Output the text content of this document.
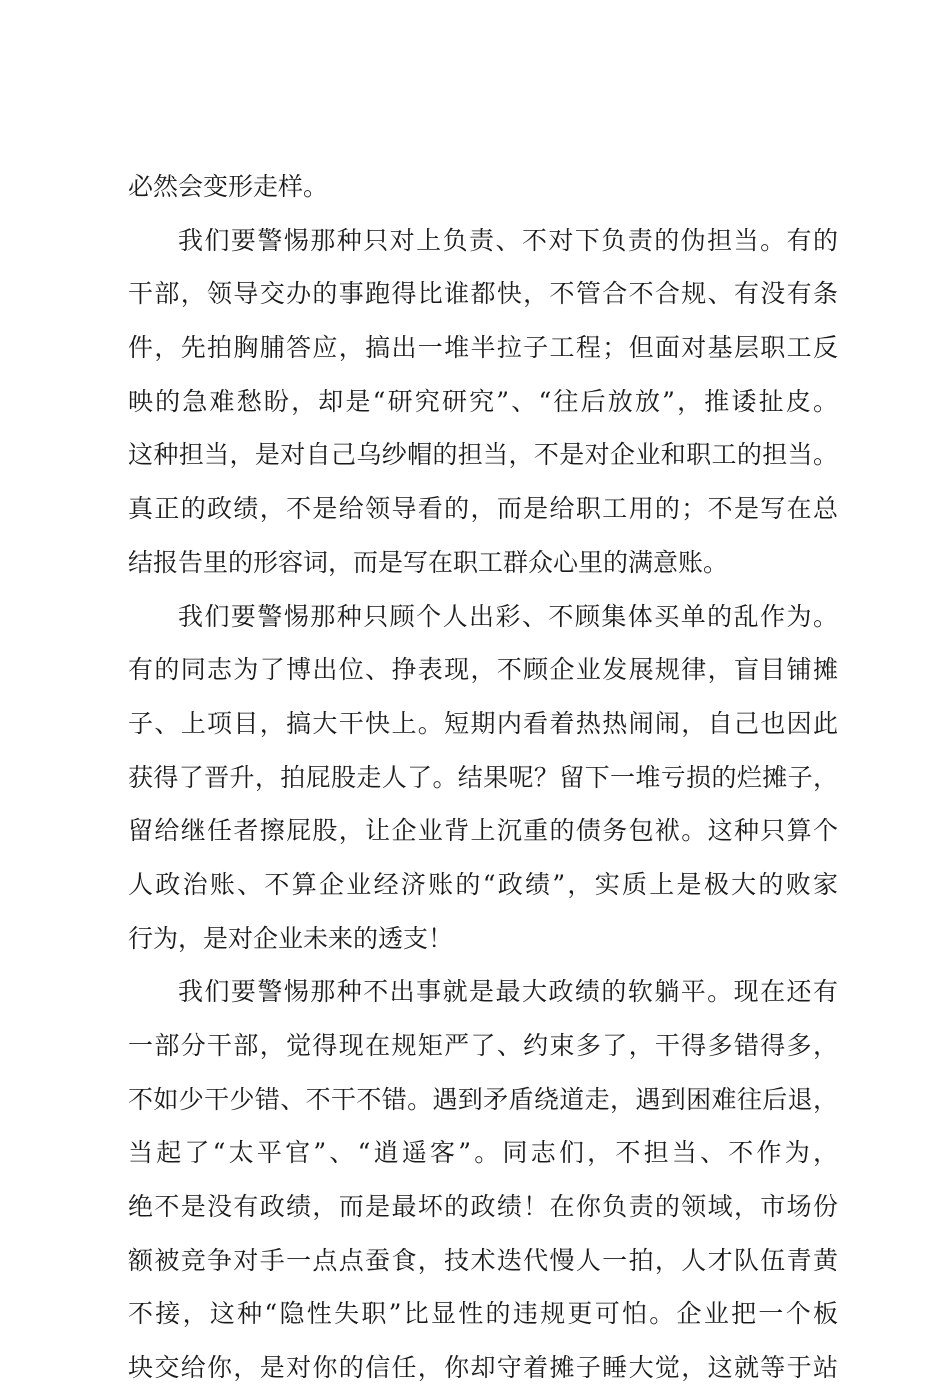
必然会变形走样。
我们要警惕那种只对上负责、不对下负责的伪担当。有的
干部，领导交办的事跑得比谁都快，不管合不合规、有没有条
件，先拍胸脯答应，搞出一堆半拉子工程；但面对基层职工反
映的急难愁盼，却是“研究研究”、“往后放放”，推诿扯皮。
这种担当，是对自己乌纱帽的担当，不是对企业和职工的担当。
真正的政绩，不是给领导看的，而是给职工用的；不是写在总
结报告里的形容词，而是写在职工群众心里的满意账。
我们要警惕那种只顾个人出彩、不顾集体买单的乱作为。
有的同志为了博出位、挣表现，不顾企业发展规律，盲目铺摊
子、上项目，搞大干快上。短期内看着热热闹闹，自己也因此
获得了晋升，拍屁股走人了。结果呢？留下一堆亏损的烂摊子，
留给继任者擦屁股，让企业背上沉重的债务包袱。这种只算个
人政治账、不算企业经济账的“政绩”，实质上是极大的败家
行为，是对企业未来的透支！
我们要警惕那种不出事就是最大政绩的软躺平。现在还有
一部分干部，觉得现在规矩严了、约束多了，干得多错得多，
不如少干少错、不干不错。遇到矛盾绕道走，遇到困难往后退，
当起了“太平官”、“逍遥客”。同志们，不担当、不作为，
绝不是没有政绩，而是最坏的政绩！在你负责的领域，市场份
额被竞争对手一点点蚕食，技术迭代慢人一拍，人才队伍青黄
不接，这种“隐性失职”比显性的违规更可怕。企业把一个板
块交给你，是对你的信任，你却守着摊子睡大觉，这就等于站
